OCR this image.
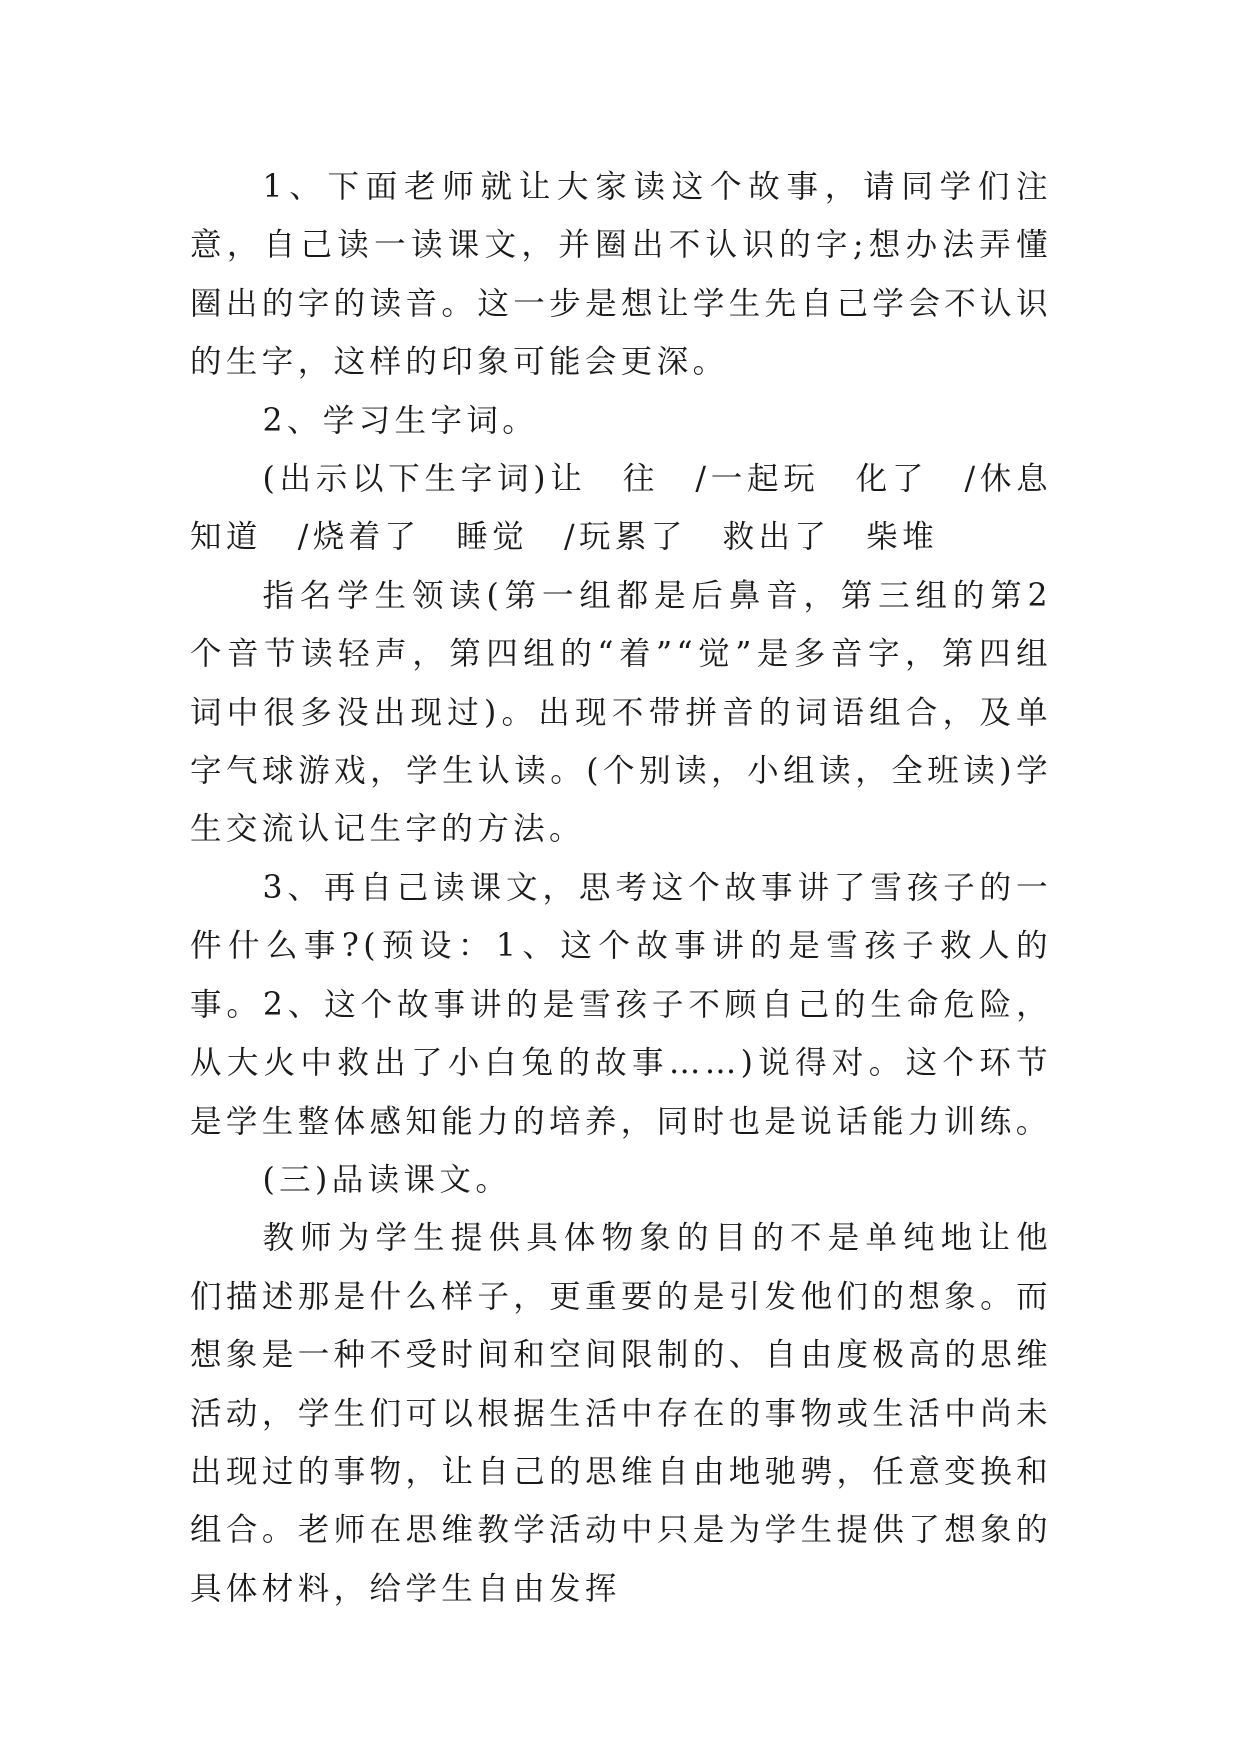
1、下面老师就让大家读这个故事，请同学们注意，自己读一读课文，并圈出不认识的字;想办法弄懂圈出的字的读音。这一步是想让学生先自己学会不认识的生字，这样的印象可能会更深。

2、学习生字词。

(出示以下生字词)让　往　/一起玩　化了　/休息　知道　/烧着了　睡觉　/玩累了　救出了　柴堆

指名学生领读(第一组都是后鼻音，第三组的第2个音节读轻声，第四组的“着”“觉”是多音字，第四组词中很多没出现过)。出现不带拼音的词语组合，及单字气球游戏，学生认读。(个别读，小组读，全班读)学生交流认记生字的方法。

3、再自己读课文，思考这个故事讲了雪孩子的一件什么事?(预设：1、这个故事讲的是雪孩子救人的事。2、这个故事讲的是雪孩子不顾自己的生命危险，从大火中救出了小白兔的故事……)说得对。这个环节是学生整体感知能力的培养，同时也是说话能力训练。

(三)品读课文。

教师为学生提供具体物象的目的不是单纯地让他们描述那是什么样子，更重要的是引发他们的想象。而想象是一种不受时间和空间限制的、自由度极高的思维活动，学生们可以根据生活中存在的事物或生活中尚未出现过的事物，让自己的思维自由地驰骋，任意变换和组合。老师在思维教学活动中只是为学生提供了想象的具体材料，给学生自由发挥
